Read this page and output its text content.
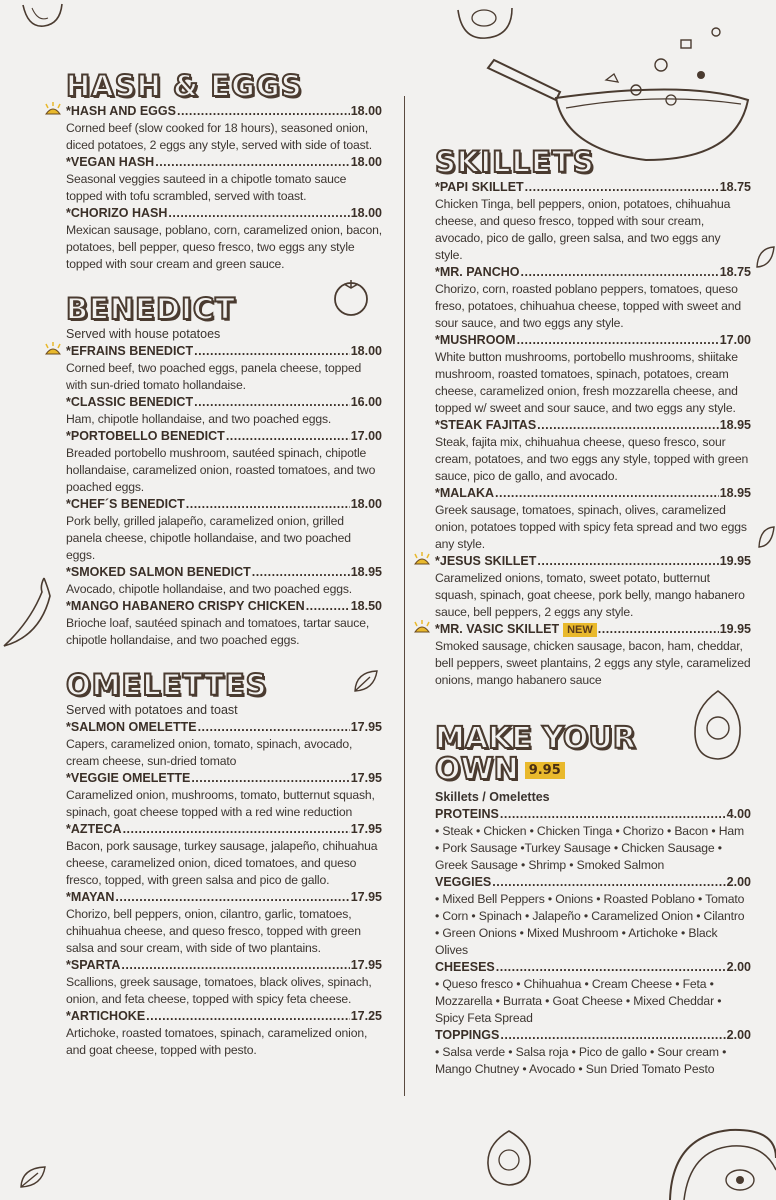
HASH & EGGS
*HASH AND EGGS .....	18.00
Corned beef (slow cooked for 18 hours), seasoned onion, diced potatoes, 2 eggs any style, served with side of toast.
*VEGAN HASH .....	18.00
Seasonal veggies sauteed in a chipotle tomato sauce topped with tofu scrambled, served with toast.
*CHORIZO HASH .....	18.00
Mexican sausage, poblano, corn, caramelized onion, bacon, potatoes, bell pepper, queso fresco, two eggs any style topped with sour cream and green sauce.
BENEDICT
Served with house potatoes
*EFRAINS BENEDICT .....	18.00
Corned beef, two poached eggs, panela cheese, topped with sun-dried tomato hollandaise.
*CLASSIC BENEDICT .....	16.00
Ham, chipotle hollandaise, and two poached eggs.
*PORTOBELLO BENEDICT .....	17.00
Breaded portobello mushroom, sautéed spinach, chipotle hollandaise, caramelized onion, roasted tomatoes, and two poached eggs.
*CHEF´S BENEDICT .....	18.00
Pork belly, grilled jalapeño, caramelized onion, grilled panela cheese, chipotle hollandaise, and two poached eggs.
*SMOKED SALMON BENEDICT .....	18.95
Avocado, chipotle hollandaise, and two poached eggs.
*MANGO HABANERO CRISPY CHICKEN .....	18.50
Brioche loaf, sautéed spinach and tomatoes, tartar sauce, chipotle hollandaise, and two poached eggs.
OMELETTES
Served with potatoes and toast
*SALMON OMELETTE .....	17.95
Capers, caramelized onion, tomato, spinach, avocado, cream cheese, sun-dried tomato
*VEGGIE OMELETTE .....	17.95
Caramelized onion, mushrooms, tomato, butternut squash, spinach, goat cheese topped with a red wine reduction
*AZTECA .....	17.95
Bacon, pork sausage, turkey sausage, jalapeño, chihuahua cheese, caramelized onion, diced tomatoes, and queso fresco, topped, with green salsa and pico de gallo.
*MAYAN .....	17.95
Chorizo, bell peppers, onion, cilantro, garlic, tomatoes, chihuahua cheese, and queso fresco, topped with green salsa and sour cream, with side of two plantains.
*SPARTA .....	17.95
Scallions, greek sausage, tomatoes, black olives, spinach, onion, and feta cheese, topped with spicy feta cheese.
*ARTICHOKE .....	17.25
Artichoke, roasted tomatoes, spinach, caramelized onion, and goat cheese, topped with pesto.
SKILLETS
*PAPI SKILLET .....	18.75
Chicken Tinga, bell peppers, onion, potatoes, chihuahua cheese, and queso fresco, topped with sour cream, avocado, pico de gallo, green salsa, and two eggs any style.
*MR. PANCHO .....	18.75
Chorizo, corn, roasted poblano peppers, tomatoes, queso freso, potatoes, chihuahua cheese, topped with sweet and sour sauce, and two eggs any style.
*MUSHROOM .....	17.00
White button mushrooms, portobello mushrooms, shiitake mushroom, roasted tomatoes, spinach, potatoes, cream cheese, caramelized onion, fresh mozzarella cheese, and topped w/ sweet and sour sauce, and two eggs any style.
*STEAK FAJITAS .....	18.95
Steak, fajita mix, chihuahua cheese, queso fresco, sour cream, potatoes, and two eggs any style, topped with green sauce, pico de gallo, and avocado.
*MALAKA .....	18.95
Greek sausage, tomatoes, spinach, olives, caramelized onion, potatoes topped with spicy feta spread and two eggs any style.
*JESUS SKILLET .....	19.95
Caramelized onions, tomato, sweet potato, butternut squash, spinach, goat cheese, pork belly, mango habanero sauce, bell peppers, 2 eggs any style.
*MR. VASIC SKILLET NEW .....	19.95
Smoked sausage, chicken sausage, bacon, ham, cheddar, bell peppers, sweet plantains, 2 eggs any style, caramelized onions, mango habanero sauce
MAKE YOUR
OWN 9.95
Skillets / Omelettes
PROTEINS .....	4.00
• Steak • Chicken • Chicken Tinga • Chorizo • Bacon • Ham • Pork Sausage •Turkey Sausage • Chicken Sausage • Greek Sausage • Shrimp • Smoked Salmon
VEGGIES .....	2.00
• Mixed Bell Peppers • Onions • Roasted Poblano • Tomato • Corn • Spinach • Jalapeño • Caramelized Onion • Cilantro • Green Onions • Mixed Mushroom • Artichoke • Black Olives
CHEESES .....	2.00
• Queso fresco • Chihuahua • Cream Cheese • Feta • Mozzarella • Burrata • Goat Cheese • Mixed Cheddar • Spicy Feta Spread
TOPPINGS .....	2.00
• Salsa verde • Salsa roja • Pico de gallo • Sour cream • Mango Chutney • Avocado • Sun Dried Tomato Pesto
